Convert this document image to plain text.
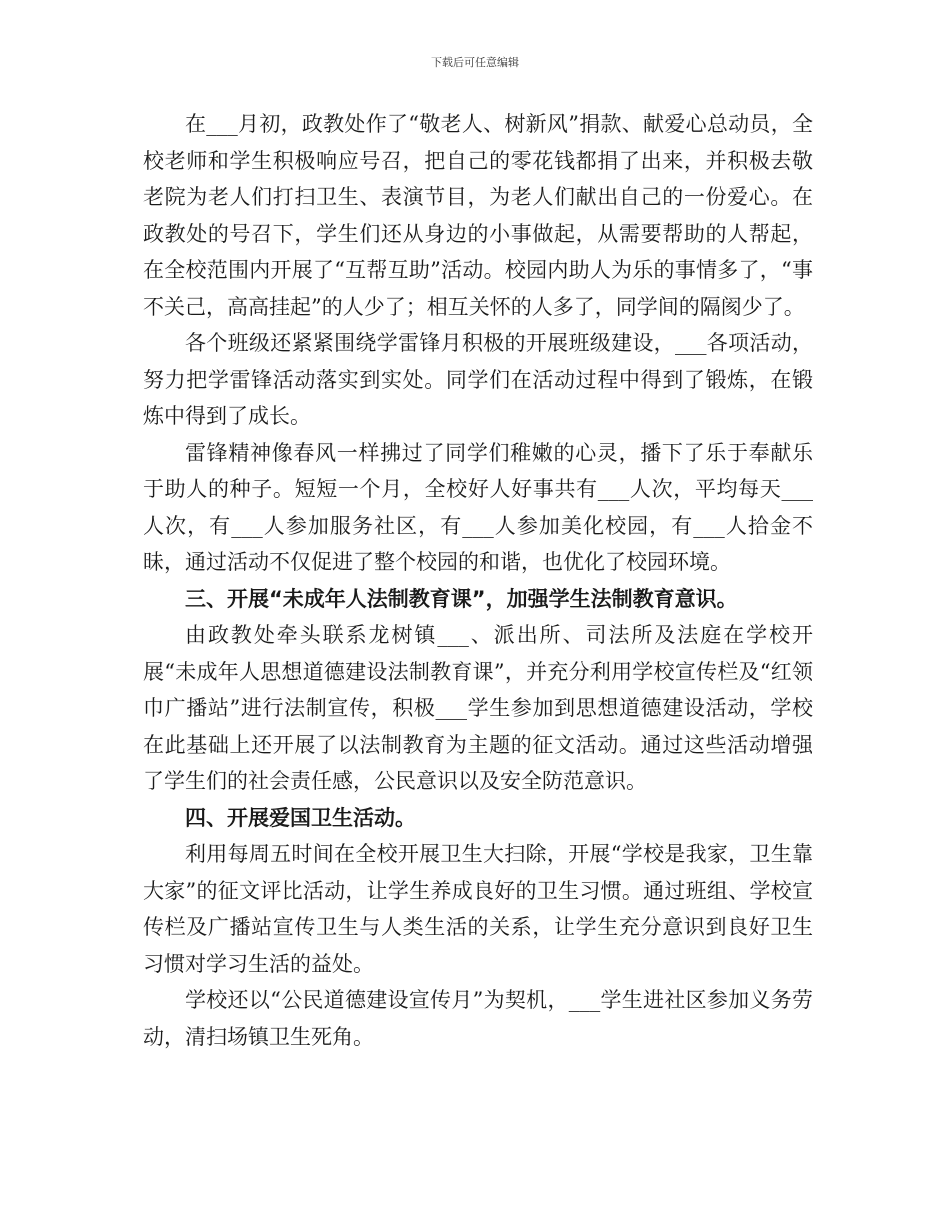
下载后可任意编辑

在___月初，政教处作了“敬老人、树新风”捐款、献爱心总动员，全校老师和学生积极响应号召，把自己的零花钱都捐了出来，并积极去敬老院为老人们打扫卫生、表演节目，为老人们献出自己的一份爱心。在政教处的号召下，学生们还从身边的小事做起，从需要帮助的人帮起，在全校范围内开展了“互帮互助”活动。校园内助人为乐的事情多了，“事不关己，高高挂起”的人少了；相互关怀的人多了，同学间的隔阂少了。

各个班级还紧紧围绕学雷锋月积极的开展班级建设，___各项活动，努力把学雷锋活动落实到实处。同学们在活动过程中得到了锻炼，在锻炼中得到了成长。

雷锋精神像春风一样拂过了同学们稚嫩的心灵，播下了乐于奉献乐于助人的种子。短短一个月，全校好人好事共有___人次，平均每天___人次，有___人参加服务社区，有___人参加美化校园，有___人拾金不昧，通过活动不仅促进了整个校园的和谐，也优化了校园环境。

三、开展“未成年人法制教育课”，加强学生法制教育意识。

由政教处牵头联系龙树镇___、派出所、司法所及法庭在学校开展“未成年人思想道德建设法制教育课”，并充分利用学校宣传栏及“红领巾广播站”进行法制宣传，积极___学生参加到思想道德建设活动，学校在此基础上还开展了以法制教育为主题的征文活动。通过这些活动增强了学生们的社会责任感，公民意识以及安全防范意识。

四、开展爱国卫生活动。

利用每周五时间在全校开展卫生大扫除，开展“学校是我家，卫生靠大家”的征文评比活动，让学生养成良好的卫生习惯。通过班组、学校宣传栏及广播站宣传卫生与人类生活的关系，让学生充分意识到良好卫生习惯对学习生活的益处。

学校还以“公民道德建设宣传月”为契机，___学生进社区参加义务劳动，清扫场镇卫生死角。
